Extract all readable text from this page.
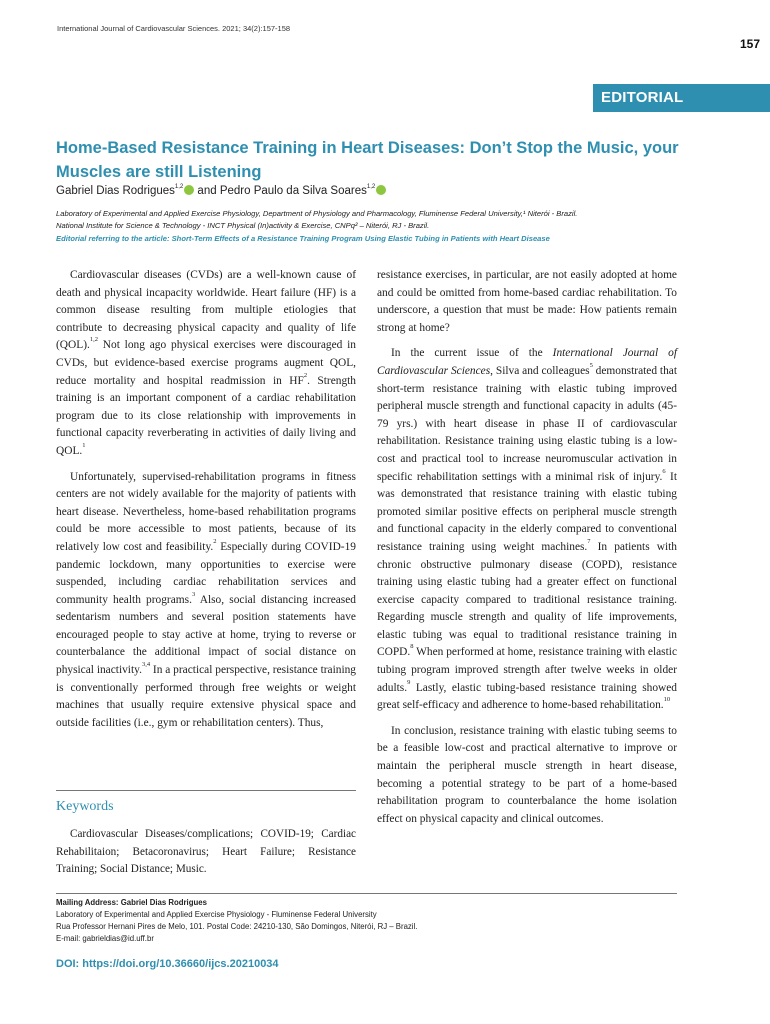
International Journal of Cardiovascular Sciences. 2021; 34(2):157-158
157
EDITORIAL
Home-Based Resistance Training in Heart Diseases: Don’t Stop the Music, your Muscles are still Listening
Gabriel Dias Rodrigues$^{1,2}$ and Pedro Paulo da Silva Soares$^{1,2}$
Laboratory of Experimental and Applied Exercise Physiology, Department of Physiology and Pharmacology, Fluminense Federal University,¹ Niterói - Brazil.
National Institute for Science & Technology - INCT Physical (In)activity & Exercise, CNPq² – Niterói, RJ - Brazil.
Editorial referring to the article: Short-Term Effects of a Resistance Training Program Using Elastic Tubing in Patients with Heart Disease

Cardiovascular diseases (CVDs) are a well-known cause of death and physical incapacity worldwide. Heart failure (HF) is a common disease resulting from multiple etiologies that contribute to decreasing physical capacity and quality of life (QOL).$^{1,2}$ Not long ago physical exercises were discouraged in CVDs, but evidence-based exercise programs augment QOL, reduce mortality and hospital readmission in HF$^2$. Strength training is an important component of a cardiac rehabilitation program due to its close relationship with improvements in functional capacity reverberating in activities of daily living and QOL.$^1$

Unfortunately, supervised-rehabilitation programs in fitness centers are not widely available for the majority of patients with heart disease. Nevertheless, home-based rehabilitation programs could be more accessible to most patients, because of its relatively low cost and feasibility.$^2$ Especially during COVID-19 pandemic lockdown, many opportunities to exercise were suspended, including cardiac rehabilitation services and community health programs.$^3$ Also, social distancing increased sedentarism numbers and several position statements have encouraged people to stay active at home, trying to reverse or counterbalance the additional impact of social distance on physical inactivity.$^{3,4}$ In a practical perspective, resistance training is conventionally performed through free weights or weight machines that usually require extensive physical space and outside facilities (i.e., gym or rehabilitation centers). Thus,

Keywords
Cardiovascular Diseases/complications; COVID-19; Cardiac Rehabilitaion; Betacoronavirus; Heart Failure; Resistance Training; Social Distance; Music.

resistance exercises, in particular, are not easily adopted at home and could be omitted from home-based cardiac rehabilitation. To underscore, a question that must be made: How patients remain strong at home?

In the current issue of the International Journal of Cardiovascular Sciences, Silva and colleagues$^5$ demonstrated that short-term resistance training with elastic tubing improved peripheral muscle strength and functional capacity in adults (45-79 yrs.) with heart disease in phase II of cardiovascular rehabilitation. Resistance training using elastic tubing is a low-cost and practical tool to increase neuromuscular activation in specific rehabilitation settings with a minimal risk of injury.$^6$ It was demonstrated that resistance training with elastic tubing promoted similar positive effects on peripheral muscle strength and functional capacity in the elderly compared to conventional resistance training using weight machines.$^7$ In patients with chronic obstructive pulmonary disease (COPD), resistance training using elastic tubing had a greater effect on functional exercise capacity compared to traditional resistance training. Regarding muscle strength and quality of life improvements, elastic tubing was equal to traditional resistance training in COPD.$^8$ When performed at home, resistance training with elastic tubing program improved strength after twelve weeks in older adults.$^9$ Lastly, elastic tubing-based resistance training showed great self-efficacy and adherence to home-based rehabilitation.$^{10}$

In conclusion, resistance training with elastic tubing seems to be a feasible low-cost and practical alternative to improve or maintain the peripheral muscle strength in heart disease, becoming a potential strategy to be part of a home-based rehabilitation program to counterbalance the home isolation effect on physical capacity and clinical outcomes.

Mailing Address: Gabriel Dias Rodrigues
Laboratory of Experimental and Applied Exercise Physiology - Fluminense Federal University
Rua Professor Hernani Pires de Melo, 101. Postal Code: 24210-130, São Domingos, Niterói, RJ – Brazil.
E-mail: gabrieldias@id.uff.br
DOI: https://doi.org/10.36660/ijcs.20210034
